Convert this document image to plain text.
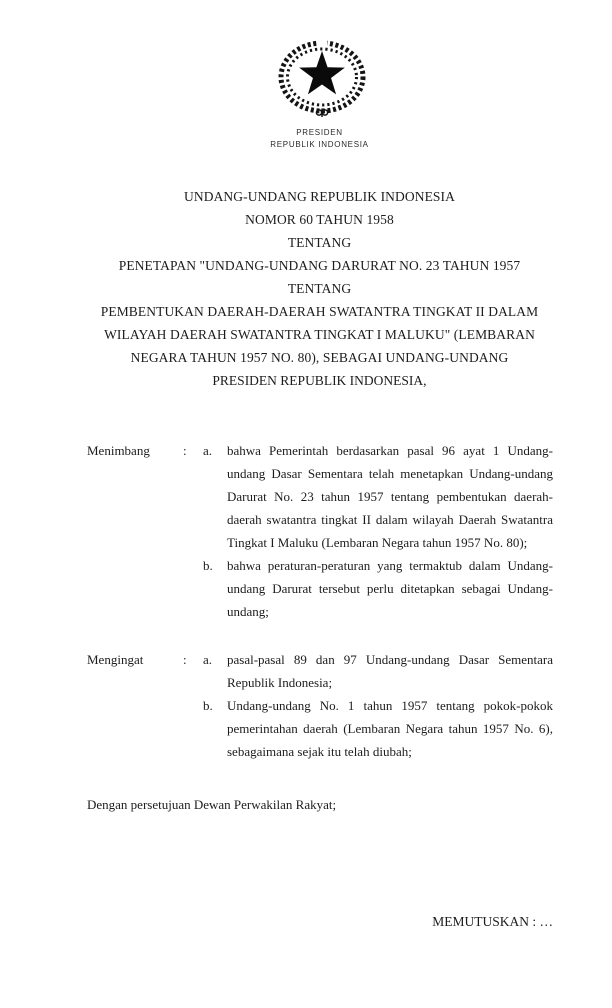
PRESIDEN
REPUBLIK INDONESIA
UNDANG-UNDANG REPUBLIK INDONESIA
NOMOR 60 TAHUN 1958
TENTANG
PENETAPAN "UNDANG-UNDANG DARURAT NO. 23 TAHUN 1957 TENTANG
PEMBENTUKAN DAERAH-DAERAH SWATANTRA TINGKAT II DALAM
WILAYAH DAERAH SWATANTRA TINGKAT I MALUKU" (LEMBARAN
NEGARA TAHUN 1957 NO. 80), SEBAGAI UNDANG-UNDANG
PRESIDEN REPUBLIK INDONESIA,
Menimbang	:	a.	bahwa Pemerintah berdasarkan pasal 96 ayat 1 Undang-undang Dasar Sementara telah menetapkan Undang-undang Darurat No. 23 tahun 1957 tentang pembentukan daerah-daerah swatantra tingkat II dalam wilayah Daerah Swatantra Tingkat I Maluku (Lembaran Negara tahun 1957 No. 80);
b.	bahwa peraturan-peraturan yang termaktub dalam Undang-undang Darurat tersebut perlu ditetapkan sebagai Undang-undang;
Mengingat	:	a.	pasal-pasal 89 dan 97 Undang-undang Dasar Sementara Republik Indonesia;
b.	Undang-undang No. 1 tahun 1957 tentang pokok-pokok pemerintahan daerah (Lembaran Negara tahun 1957 No. 6), sebagaimana sejak itu telah diubah;
Dengan persetujuan Dewan Perwakilan Rakyat;
MEMUTUSKAN : …
